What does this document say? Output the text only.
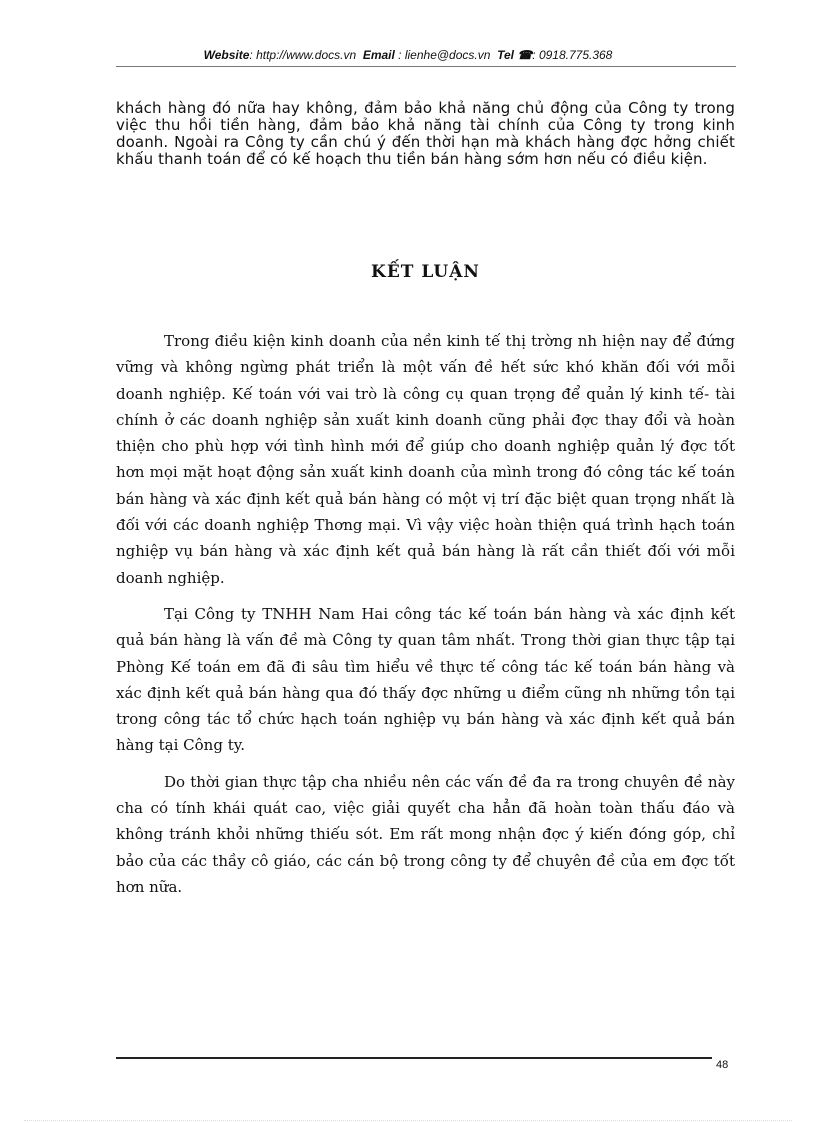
Website: http://www.docs.vn Email : lienhe@docs.vn Tel ☎: 0918.775.368

khách hàng đó nữa hay không, đảm bảo khả năng chủ động của Công ty trong việc thu hồi tiền hàng, đảm bảo khả năng tài chính của Công ty trong kinh doanh. Ngoài ra Công ty cần chú ý đến thời hạn mà khách hàng đợc hởng chiết khấu thanh toán để có kế hoạch thu tiền bán hàng sớm hơn nếu có điều kiện.

KẾT LUẬN

Trong điều kiện kinh doanh của nền kinh tế thị trờng nh hiện nay để đứng vững và không ngừng phát triển là một vấn đề hết sức khó khăn đối với mỗi doanh nghiệp. Kế toán với vai trò là công cụ quan trọng để quản lý kinh tế- tài chính ở các doanh nghiệp sản xuất kinh doanh cũng phải đợc thay đổi và hoàn thiện cho phù hợp với tình hình mới để giúp cho doanh nghiệp quản lý đợc tốt hơn mọi mặt hoạt động sản xuất kinh doanh của mình trong đó công tác kế toán bán hàng và xác định kết quả bán hàng có một vị trí đặc biệt quan trọng nhất là đối với các doanh nghiệp Thơng mại. Vì vậy việc hoàn thiện quá trình hạch toán nghiệp vụ bán hàng và xác định kết quả bán hàng là rất cần thiết đối với mỗi doanh nghiệp.

Tại Công ty TNHH Nam Hai công tác kế toán bán hàng và xác định kết quả bán hàng là vấn đề mà Công ty quan tâm nhất. Trong thời gian thực tập tại Phòng Kế toán em đã đi sâu tìm hiểu về thực tế công tác kế toán bán hàng và xác định kết quả bán hàng qua đó thấy đợc những u điểm cũng nh những tồn tại trong công tác tổ chức hạch toán nghiệp vụ bán hàng và xác định kết quả bán hàng tại Công ty.

Do thời gian thực tập cha nhiều nên các vấn đề đa ra trong chuyên đề này cha có tính khái quát cao, việc giải quyết cha hẳn đã hoàn toàn thấu đáo và không tránh khỏi những thiếu sót. Em rất mong nhận đợc ý kiến đóng góp, chỉ bảo của các thầy cô giáo, các cán bộ trong công ty để chuyên đề của em đợc tốt hơn nữa.

48
